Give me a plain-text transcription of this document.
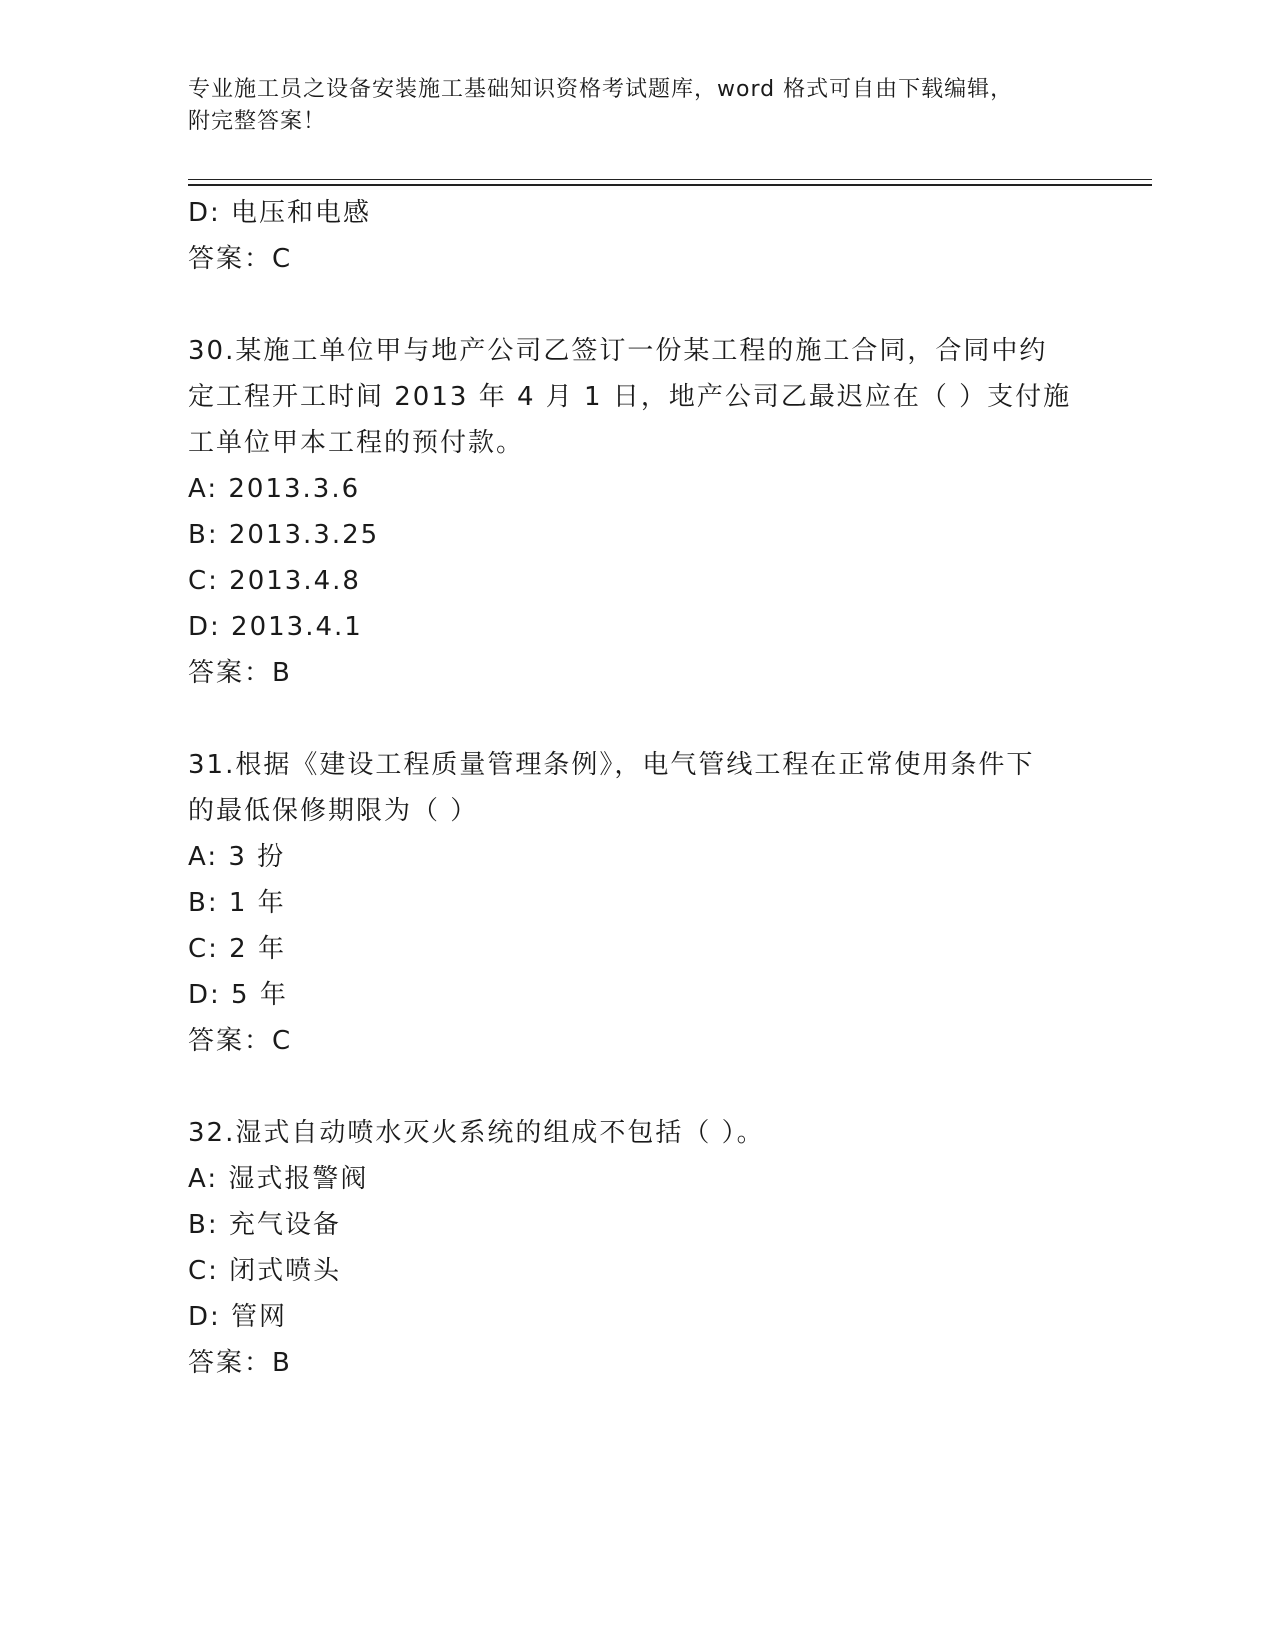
专业施工员之设备安装施工基础知识资格考试题库，word 格式可自由下载编辑，
附完整答案！
D: 电压和电感
答案：C
30.某施工单位甲与地产公司乙签订一份某工程的施工合同，合同中约
定工程开工时间 2013 年 4 月 1 日，地产公司乙最迟应在（ ）支付施
工单位甲本工程的预付款。
A: 2013.3.6
B: 2013.3.25
C: 2013.4.8
D: 2013.4.1
答案：B
31.根据《建设工程质量管理条例》，电气管线工程在正常使用条件下
的最低保修期限为（ ）
A: 3 扮
B: 1 年
C: 2 年
D: 5 年
答案：C
32.湿式自动喷水灭火系统的组成不包括（ ）。
A: 湿式报警阀
B: 充气设备
C: 闭式喷头
D: 管网
答案：B
